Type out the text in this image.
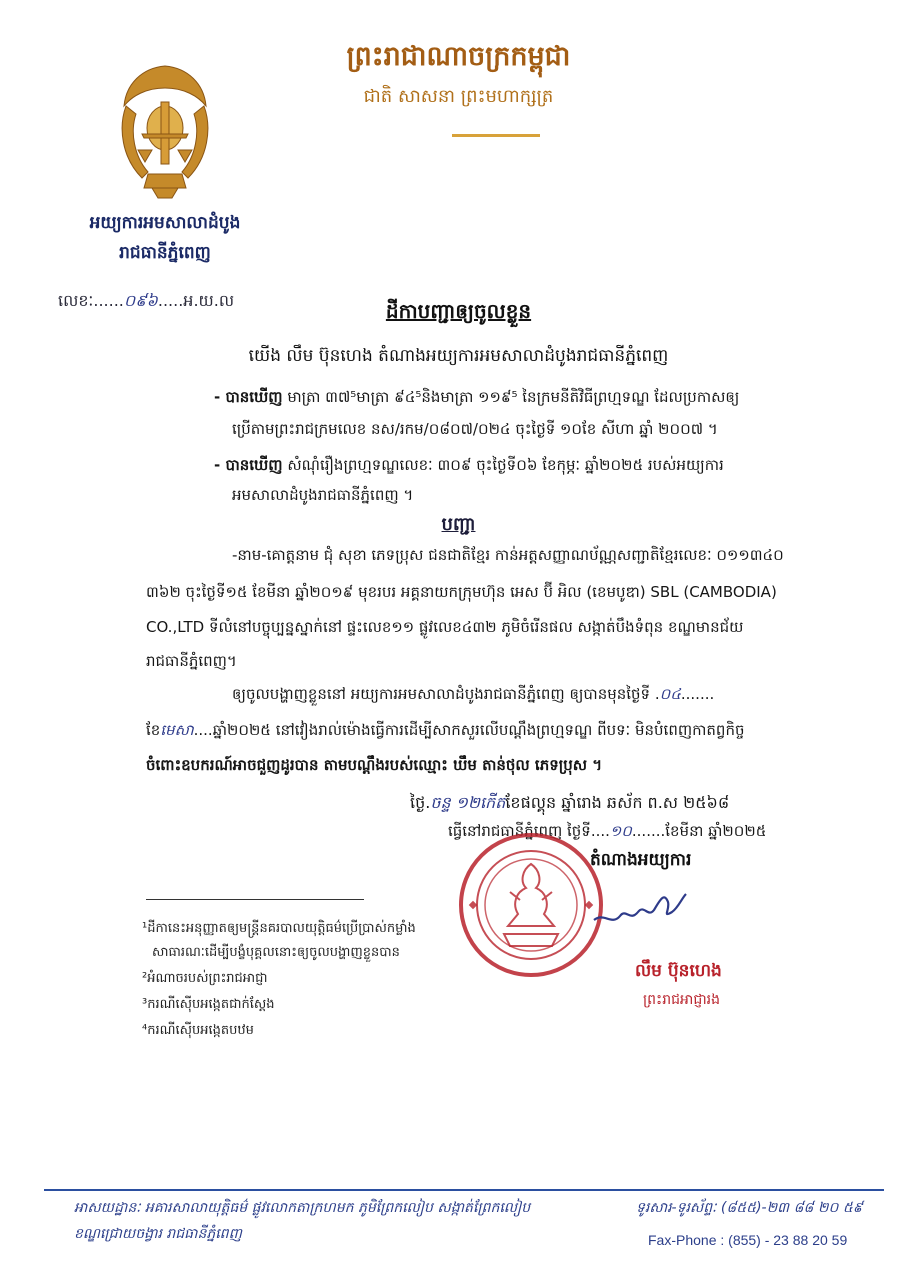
ព្រះរាជាណាចក្រកម្ពុជា
ជាតិ សាសនា ព្រះមហាក្សត្រ
អយ្យការអមសាលាដំបូង
រាជធានីភ្នំពេញ
លេខៈ......០៩៦.....អ.យ.ល	ដីកាបញ្ជាឲ្យចូលខ្លួន
យើង លឹម ប៊ុនហេង តំណាងអយ្យការអមសាលាដំបូងរាជធានីភ្នំពេញ
- បានឃើញ មាត្រា ៣៧⁵មាត្រា ៩៤⁵និងមាត្រា ១១៩⁵ នៃក្រមនីតិវិធីព្រហ្មទណ្ឌ ដែលប្រកាសឲ្យ
ប្រើតាមព្រះរាជក្រមលេខ នស/រកម/០៨០៧/០២៤ ចុះថ្ងៃទី ១០ខែ សីហា ឆ្នាំ ២០០៧ ។
- បានឃើញ សំណុំរឿងព្រហ្មទណ្ឌលេខៈ ៣០៩ ចុះថ្ងៃទី០៦ ខែកុម្ភៈ ឆ្នាំ២០២៥ របស់អយ្យការ
អមសាលាដំបូងរាជធានីភ្នំពេញ ។
បញ្ជា
-នាម-គោត្តនាម ជុំ សុខា ភេទប្រុស ជនជាតិខ្មែរ កាន់អត្តសញ្ញាណប័ណ្ណសញ្ជាតិខ្មែរលេខៈ ០១១៣៤០
៣៦២ ចុះថ្ងៃទី១៥ ខែមីនា ឆ្នាំ២០១៩ មុខរបរ អគ្គនាយកក្រុមហ៊ុន អេស ប៊ី អិល (ខេមបូឌា) SBL (CAMBODIA)
CO.,LTD ទីលំនៅបច្ចុប្បន្នស្នាក់នៅ ផ្ទះលេខ១១ ផ្លូវលេខ៤៣២ ភូមិចំរើនផល សង្កាត់បឹងទំពុន ខណ្ឌមានជ័យ
រាជធានីភ្នំពេញ។
ឲ្យចូលបង្ហាញខ្លួននៅ អយ្យការអមសាលាដំបូងរាជធានីភ្នំពេញ ឲ្យបានមុនថ្ងៃទី .០៤.......
ខែមេសា....ឆ្នាំ២០២៥ នៅវៀងរាល់ម៉ោងធ្វើការដើម្បីសាកសួរលើបណ្តឹងព្រហ្មទណ្ឌ ពីបទៈ មិនបំពេញកាតព្វកិច្ច
ចំពោះឧបករណ៍អាចជួញដូរបាន តាមបណ្តឹងរបស់ឈ្មោះ ឃឹម តាន់ថុល ភេទប្រុស ។
ថ្ងៃ.ចន្ទ ១២កើតខែផល្គុន ឆ្នាំរោង ឆស័ក ព.ស ២៥៦៨
ធ្វើនៅរាជធានីភ្នំពេញ ថ្ងៃទី....១០.......ខែមីនា ឆ្នាំ២០២៥
តំណាងអយ្យការ
លឹម ប៊ុនហេង
ព្រះរាជអាជ្ញារង
¹ដីកានេះអនុញ្ញាតឲ្យមន្ត្រីនគរបាលយុត្តិធម៌ប្រើប្រាស់កម្លាំង
សាធារណៈដើម្បីបង្ខំបុគ្គលនោះឲ្យចូលបង្ហាញខ្លួនបាន
²អំណាចរបស់ព្រះរាជអាជ្ញា
³ករណីស៊ើបអង្កេតជាក់ស្តែង
⁴ករណីស៊ើបអង្កេតបឋម
អាសយដ្ឋានៈ អគារសាលាយុត្តិធម៌ ផ្លូវលោកតាក្រហមក ភូមិព្រែកលៀប សង្កាត់ព្រែកលៀប
ខណ្ឌជ្រោយចង្វារ រាជធានីភ្នំពេញ
ទូរសារ-ទូរស័ព្ទៈ (៨៥៥)-២៣ ៨៨ ២០ ៥៩
Fax-Phone : (855) - 23 88 20 59
